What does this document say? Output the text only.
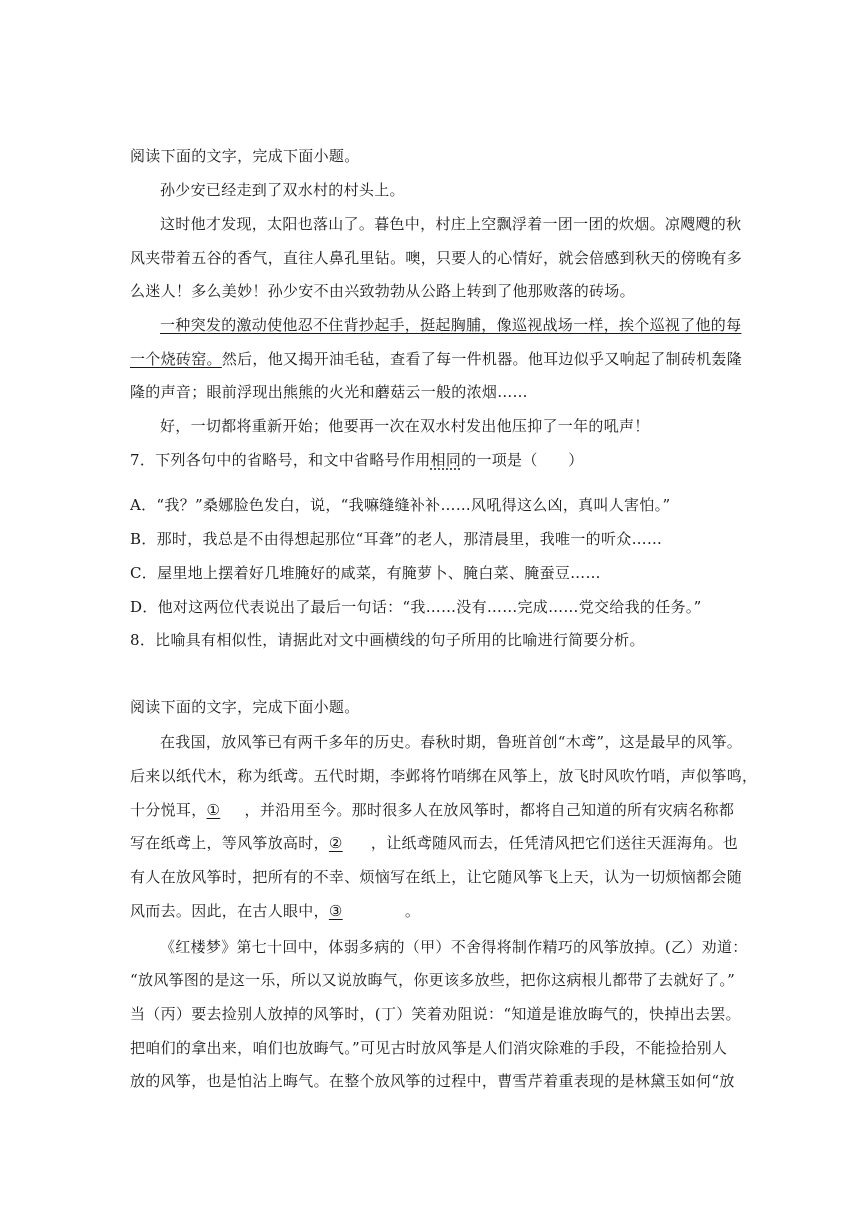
阅读下面的文字，完成下面小题。
孙少安已经走到了双水村的村头上。
这时他才发现，太阳也落山了。暮色中，村庄上空飘浮着一团一团的炊烟。凉飕飕的秋
风夹带着五谷的香气，直往人鼻孔里钻。噢，只要人的心情好，就会倍感到秋天的傍晚有多
么迷人！多么美妙！孙少安不由兴致勃勃从公路上转到了他那败落的砖场。
一种突发的激动使他忍不住背抄起手，挺起胸脯，像巡视战场一样，挨个巡视了他的每
一个烧砖窑。然后，他又揭开油毛毡，查看了每一件机器。他耳边似乎又响起了制砖机轰隆
隆的声音；眼前浮现出熊熊的火光和蘑菇云一般的浓烟……
好，一切都将重新开始；他要再一次在双水村发出他压抑了一年的吼声！
7．下列各句中的省略号，和文中省略号作用相同的一项是（　　）
A．“我？”桑娜脸色发白，说，“我嘛缝缝补补……风吼得这么凶，真叫人害怕。”
B．那时，我总是不由得想起那位“耳聋”的老人，那清晨里，我唯一的听众……
C．屋里地上摆着好几堆腌好的咸菜，有腌萝卜、腌白菜、腌蚕豆……
D．他对这两位代表说出了最后一句话：“我……没有……完成……党交给我的任务。”
8．比喻具有相似性，请据此对文中画横线的句子所用的比喻进行简要分析。
阅读下面的文字，完成下面小题。
在我国，放风筝已有两千多年的历史。春秋时期，鲁班首创“木鸢”，这是最早的风筝。
后来以纸代木，称为纸鸢。五代时期，李邺将竹哨绑在风筝上，放飞时风吹竹哨，声似筝鸣，
十分悦耳，① ，并沿用至今。那时很多人在放风筝时，都将自己知道的所有灾病名称都
写在纸鸢上，等风筝放高时，② ，让纸鸢随风而去，任凭清风把它们送往天涯海角。也
有人在放风筝时，把所有的不幸、烦恼写在纸上，让它随风筝飞上天，认为一切烦恼都会随
风而去。因此，在古人眼中，③	。
《红楼梦》第七十回中，体弱多病的（甲）不舍得将制作精巧的风筝放掉。(乙）劝道：
“放风筝图的是这一乐，所以又说放晦气，你更该多放些，把你这病根儿都带了去就好了。”
当（丙）要去捡别人放掉的风筝时，(丁）笑着劝阻说：“知道是谁放晦气的，快掉出去罢。
把咱们的拿出来，咱们也放晦气。”可见古时放风筝是人们消灾除难的手段，不能捡拾别人
放的风筝，也是怕沾上晦气。在整个放风筝的过程中，曹雪芹着重表现的是林黛玉如何“放
